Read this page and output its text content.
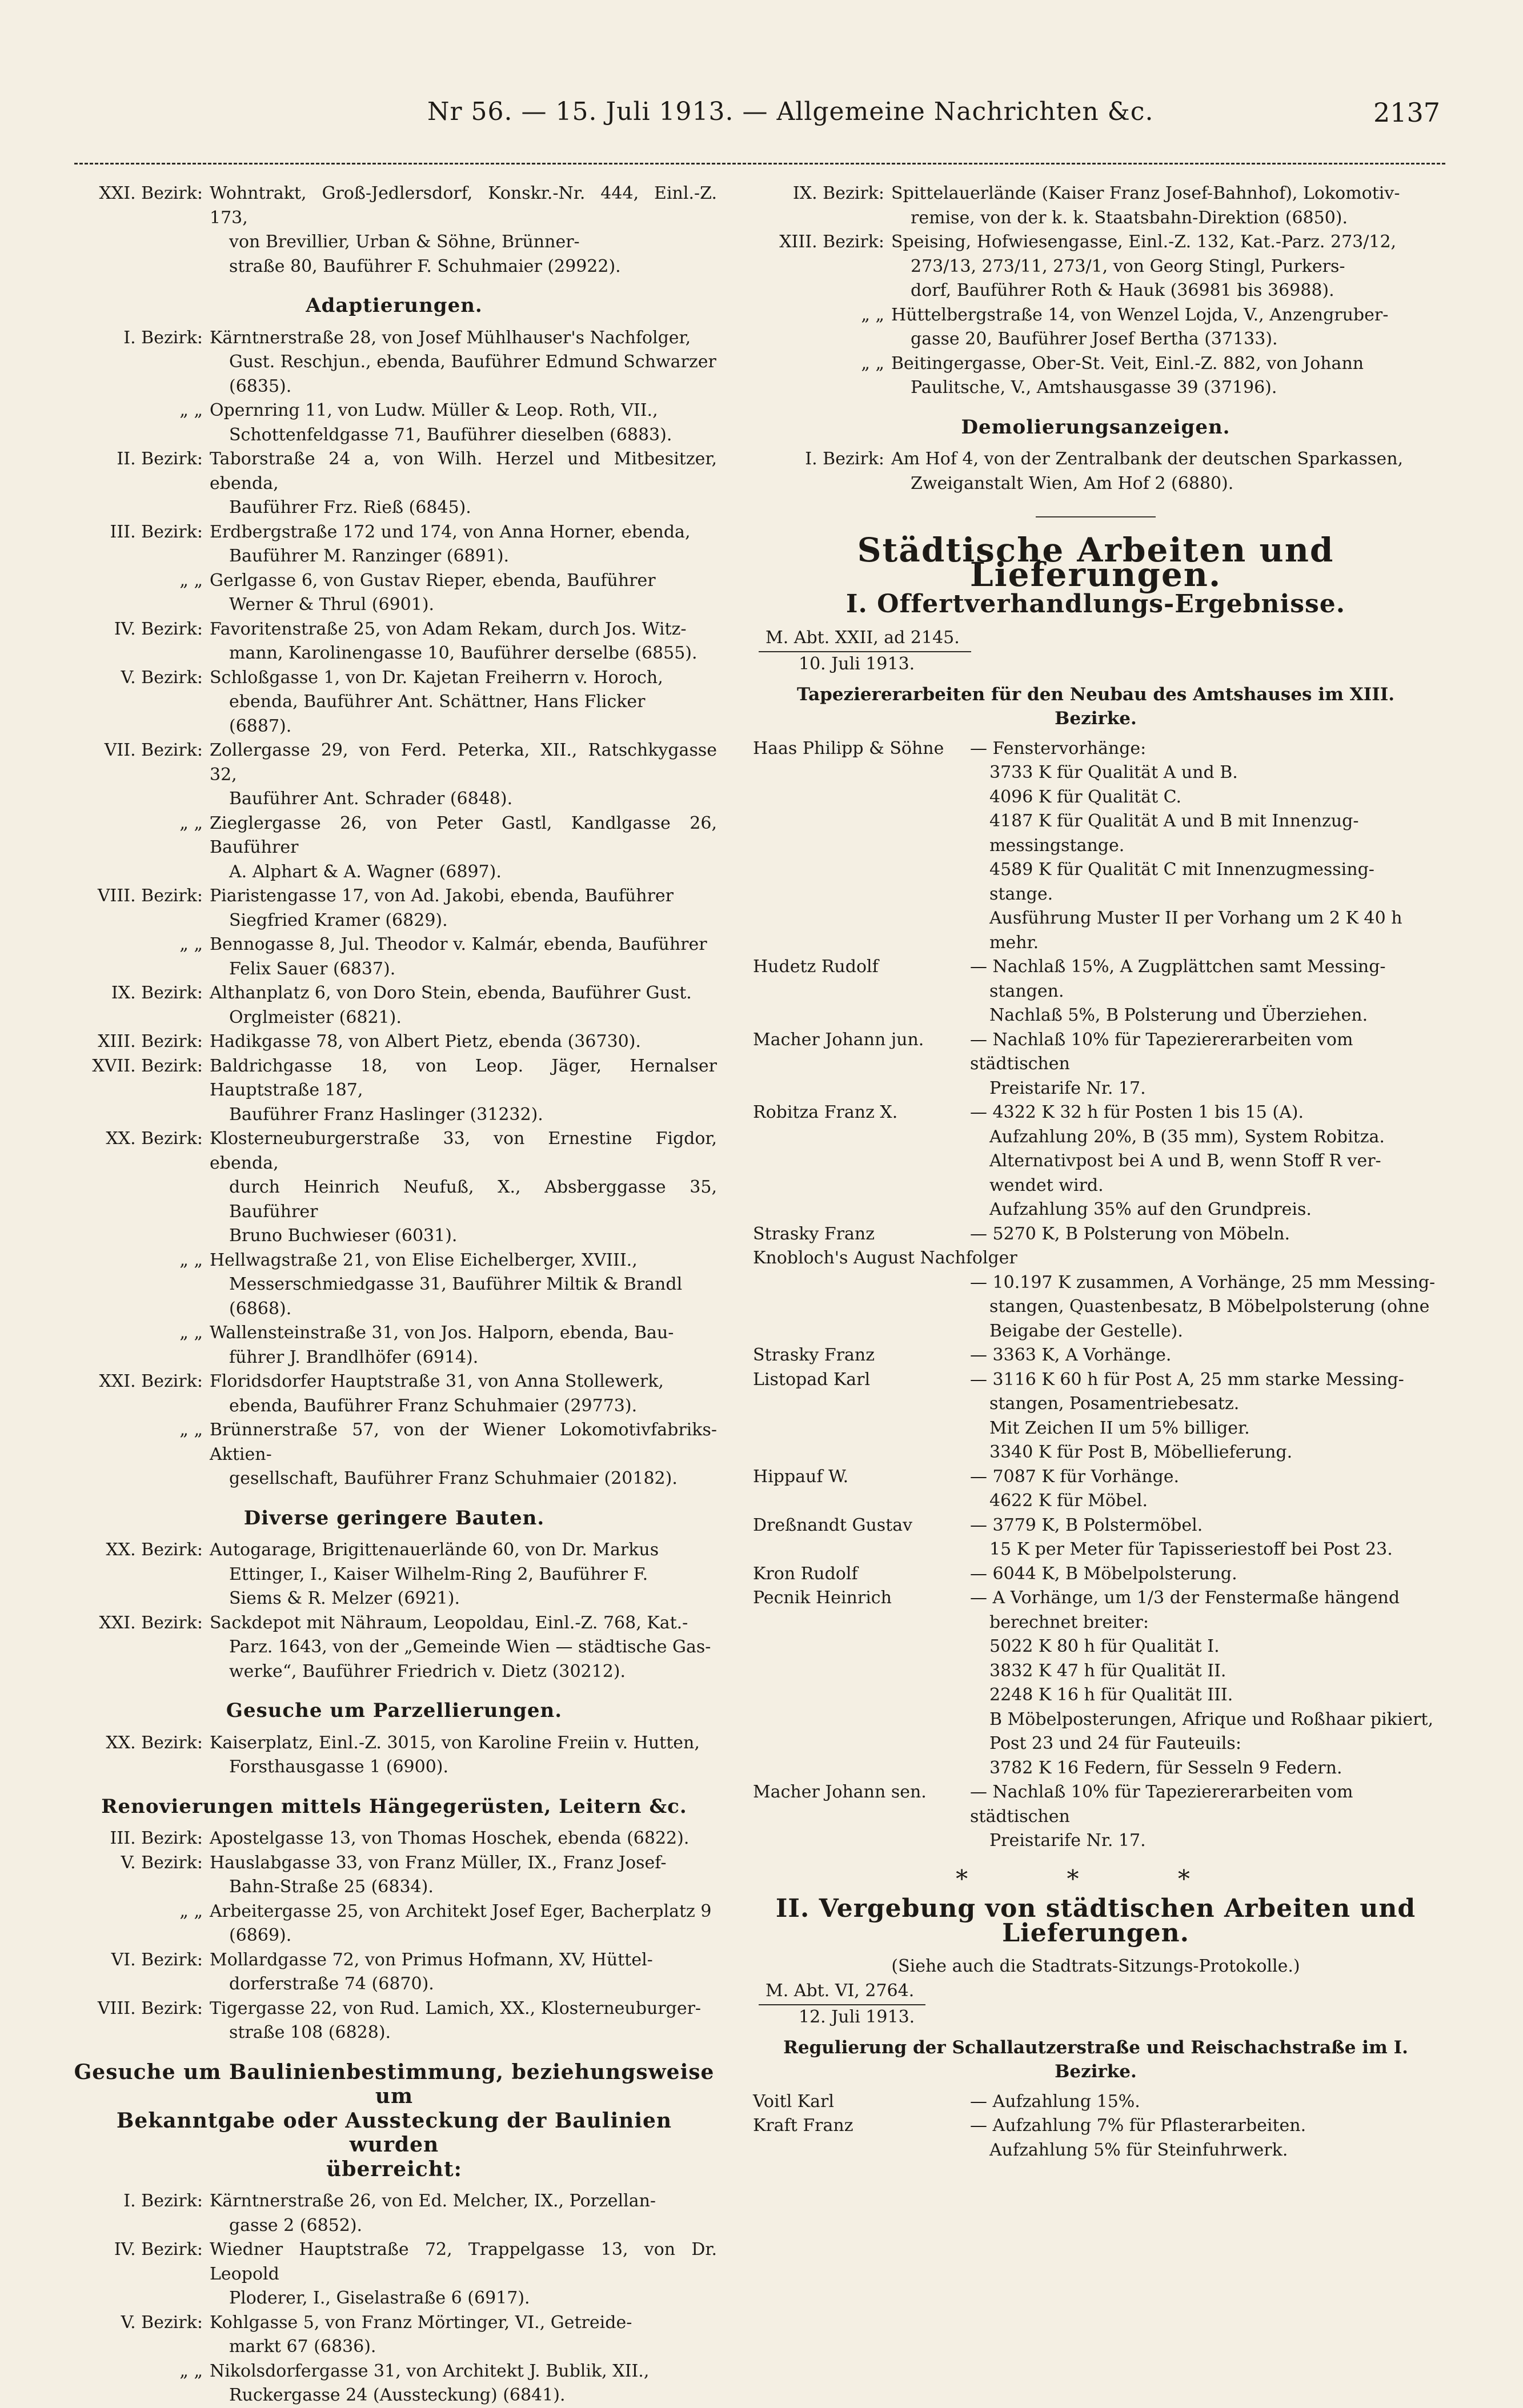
Nr 56. — 15. Juli 1913. — Allgemeine Nachrichten &c.	2137
XXI. Bezirk: Wohntrakt, Groß-Jedlersdorf, Konskr.-Nr. 444, Einl.-Z. 173,
von Brevillier, Urban & Söhne, Brünner-
straße 80, Bauführer F. Schuhmaier (29922).
Adaptierungen.
I. Bezirk: Kärntnerstraße 28, von Josef Mühlhauser's Nachfolger,
Gust. Reschjun., ebenda, Bauführer Edmund Schwarzer
(6835).
„ „ Opernring 11, von Ludw. Müller & Leop. Roth, VII.,
Schottenfeldgasse 71, Bauführer dieselben (6883).
II. Bezirk: Taborstraße 24 a, von Wilh. Herzel und Mitbesitzer, ebenda,
Bauführer Frz. Rieß (6845).
III. Bezirk: Erdbergstraße 172 und 174, von Anna Horner, ebenda,
Bauführer M. Ranzinger (6891).
„ „ Gerlgasse 6, von Gustav Rieper, ebenda, Bauführer
Werner & Thrul (6901).
IV. Bezirk: Favoritenstraße 25, von Adam Rekam, durch Jos. Witz-
mann, Karolinengasse 10, Bauführer derselbe (6855).
V. Bezirk: Schloßgasse 1, von Dr. Kajetan Freiherrn v. Horoch,
ebenda, Bauführer Ant. Schättner, Hans Flicker
(6887).
VII. Bezirk: Zollergasse 29, von Ferd. Peterka, XII., Ratschkygasse 32,
Bauführer Ant. Schrader (6848).
„ „ Zieglergasse 26, von Peter Gastl, Kandlgasse 26, Bauführer
A. Alphart & A. Wagner (6897).
VIII. Bezirk: Piaristengasse 17, von Ad. Jakobi, ebenda, Bauführer
Siegfried Kramer (6829).
„ „ Bennogasse 8, Jul. Theodor v. Kalmár, ebenda, Bauführer
Felix Sauer (6837).
IX. Bezirk: Althanplatz 6, von Doro Stein, ebenda, Bauführer Gust.
Orglmeister (6821).
XIII. Bezirk: Hadikgasse 78, von Albert Pietz, ebenda (36730).
XVII. Bezirk: Baldrichgasse 18, von Leop. Jäger, Hernalser Hauptstraße 187,
Bauführer Franz Haslinger (31232).
XX. Bezirk: Klosterneuburgerstraße 33, von Ernestine Figdor, ebenda,
durch Heinrich Neufuß, X., Absberggasse 35, Bauführer
Bruno Buchwieser (6031).
„ „ Hellwagstraße 21, von Elise Eichelberger, XVIII.,
Messerschmiedgasse 31, Bauführer Miltik & Brandl
(6868).
„ „ Wallensteinstraße 31, von Jos. Halporn, ebenda, Bau-
führer J. Brandlhöfer (6914).
XXI. Bezirk: Floridsdorfer Hauptstraße 31, von Anna Stollewerk,
ebenda, Bauführer Franz Schuhmaier (29773).
„ „ Brünnerstraße 57, von der Wiener Lokomotivfabriks-Aktien-
gesellschaft, Bauführer Franz Schuhmaier (20182).
Diverse geringere Bauten.
XX. Bezirk: Autogarage, Brigittenauerlände 60, von Dr. Markus
Ettinger, I., Kaiser Wilhelm-Ring 2, Bauführer F.
Siems & R. Melzer (6921).
XXI. Bezirk: Sackdepot mit Nähraum, Leopoldau, Einl.-Z. 768, Kat.-
Parz. 1643, von der „Gemeinde Wien — städtische Gas-
werke“, Bauführer Friedrich v. Dietz (30212).
Gesuche um Parzellierungen.
XX. Bezirk: Kaiserplatz, Einl.-Z. 3015, von Karoline Freiin v. Hutten,
Forsthausgasse 1 (6900).
Renovierungen mittels Hängegerüsten, Leitern &c.
III. Bezirk: Apostelgasse 13, von Thomas Hoschek, ebenda (6822).
V. Bezirk: Hauslabgasse 33, von Franz Müller, IX., Franz Josef-
Bahn-Straße 25 (6834).
„ „ Arbeitergasse 25, von Architekt Josef Eger, Bacherplatz 9
(6869).
VI. Bezirk: Mollardgasse 72, von Primus Hofmann, XV, Hüttel-
dorferstraße 74 (6870).
VIII. Bezirk: Tigergasse 22, von Rud. Lamich, XX., Klosterneuburger-
straße 108 (6828).
Gesuche um Baulinienbestimmung, beziehungsweise um
Bekanntgabe oder Aussteckung der Baulinien wurden
überreicht:
I. Bezirk: Kärntnerstraße 26, von Ed. Melcher, IX., Porzellan-
gasse 2 (6852).
IV. Bezirk: Wiedner Hauptstraße 72, Trappelgasse 13, von Dr. Leopold
Ploderer, I., Giselastraße 6 (6917).
V. Bezirk: Kohlgasse 5, von Franz Mörtinger, VI., Getreide-
markt 67 (6836).
„ „ Nikolsdorfergasse 31, von Architekt J. Bublik, XII.,
Ruckergasse 24 (Aussteckung) (6841).
IX. Bezirk: Spittelauerlände (Kaiser Franz Josef-Bahnhof), Lokomotiv-
remise, von der k. k. Staatsbahn-Direktion (6850).
XIII. Bezirk: Speising, Hofwiesengasse, Einl.-Z. 132, Kat.-Parz. 273/12,
273/13, 273/11, 273/1, von Georg Stingl, Purkers-
dorf, Bauführer Roth & Hauk (36981 bis 36988).
„ „ Hüttelbergstraße 14, von Wenzel Lojda, V., Anzengruber-
gasse 20, Bauführer Josef Bertha (37133).
„ „ Beitingergasse, Ober-St. Veit, Einl.-Z. 882, von Johann
Paulitsche, V., Amtshausgasse 39 (37196).
Demolierungsanzeigen.
I. Bezirk: Am Hof 4, von der Zentralbank der deutschen Sparkassen,
Zweiganstalt Wien, Am Hof 2 (6880).
Städtische Arbeiten und Lieferungen.
I. Offertverhandlungs-Ergebnisse.
M. Abt. XXII, ad 2145.
10. Juli 1913.
Tapeziererarbeiten für den Neubau des Amtshauses im XIII. Bezirke.
Haas Philipp & Söhne	— Fenstervorhänge:
3733 K für Qualität A und B.
4096 K für Qualität C.
4187 K für Qualität A und B mit Innenzug-
messingstange.
4589 K für Qualität C mit Innenzugmessing-
stange.
Ausführung Muster II per Vorhang um 2 K 40 h
mehr.
Hudetz Rudolf	— Nachlaß 15%, A Zugplättchen samt Messing-
stangen.
Nachlaß 5%, B Polsterung und Überziehen.
Macher Johann jun.	— Nachlaß 10% für Tapeziererarbeiten vom städtischen
Preistarife Nr. 17.
Robitza Franz X.	— 4322 K 32 h für Posten 1 bis 15 (A).
Aufzahlung 20%, B (35 mm), System Robitza.
Alternativpost bei A und B, wenn Stoff R ver-
wendet wird.
Aufzahlung 35% auf den Grundpreis.
Strasky Franz	— 5270 K, B Polsterung von Möbeln.
Knobloch's August Nachfolger
— 10.197 K zusammen, A Vorhänge, 25 mm Messing-
stangen, Quastenbesatz, B Möbelpolsterung (ohne
Beigabe der Gestelle).
Strasky Franz	— 3363 K, A Vorhänge.
Listopad Karl	— 3116 K 60 h für Post A, 25 mm starke Messing-
stangen, Posamentriebesatz.
Mit Zeichen II um 5% billiger.
3340 K für Post B, Möbellieferung.
Hippauf W.	— 7087 K für Vorhänge.
4622 K für Möbel.
Dreßnandt Gustav	— 3779 K, B Polstermöbel.
15 K per Meter für Tapisseriestoff bei Post 23.
Kron Rudolf	— 6044 K, B Möbelpolsterung.
Pecnik Heinrich	— A Vorhänge, um 1/3 der Fenstermaße hängend
berechnet breiter:
5022 K 80 h für Qualität I.
3832 K 47 h für Qualität II.
2248 K 16 h für Qualität III.
B Möbelposterungen, Afrique und Roßhaar pikiert,
Post 23 und 24 für Fauteuils:
3782 K 16 Federn, für Sesseln 9 Federn.
Macher Johann sen.	— Nachlaß 10% für Tapeziererarbeiten vom städtischen
Preistarife Nr. 17.
* * *
II. Vergebung von städtischen Arbeiten und
Lieferungen.
(Siehe auch die Stadtrats-Sitzungs-Protokolle.)
M. Abt. VI, 2764.
12. Juli 1913.
Regulierung der Schallautzerstraße und Reischachstraße im I. Bezirke.
Voitl Karl	— Aufzahlung 15%.
Kraft Franz	— Aufzahlung 7% für Pflasterarbeiten.
Aufzahlung 5% für Steinfuhrwerk.
